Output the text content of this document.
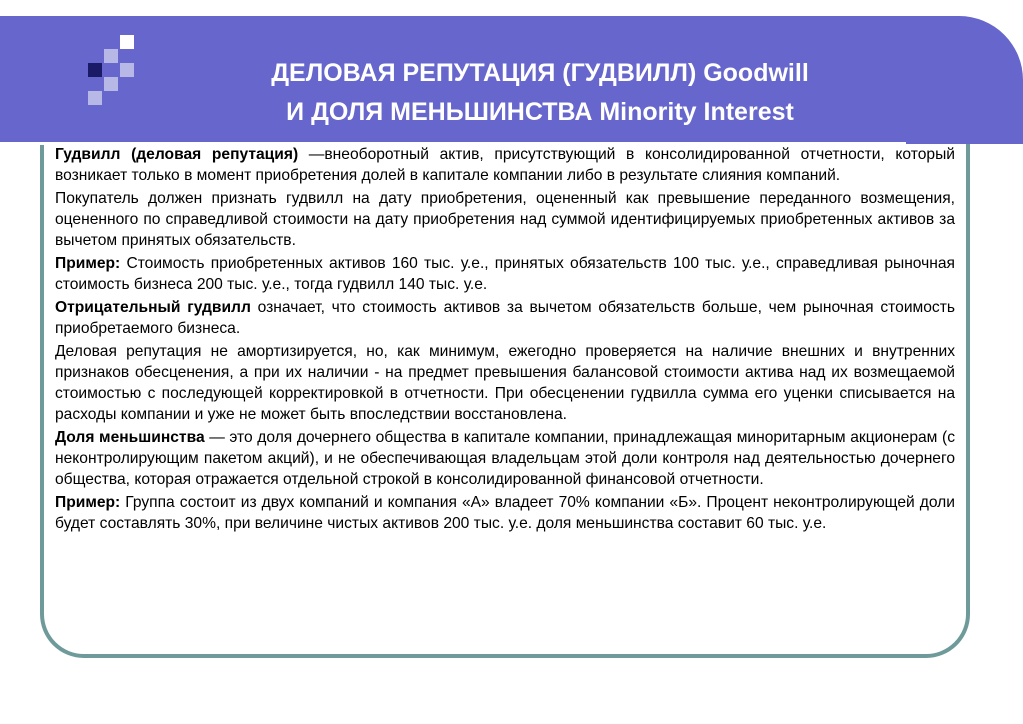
ДЕЛОВАЯ РЕПУТАЦИЯ (ГУДВИЛЛ) Goodwill
И ДОЛЯ МЕНЬШИНСТВА Minority Interest

Гудвилл (деловая репутация) —внеоборотный актив, присутствующий в консолидированной отчетности, который возникает только в момент приобретения долей в капитале компании либо в результате слияния компаний.

Покупатель должен признать гудвилл на дату приобретения, оцененный как превышение переданного возмещения, оцененного по справедливой стоимости на дату приобретения над суммой идентифицируемых приобретенных активов за вычетом принятых обязательств.

Пример: Стоимость приобретенных активов 160 тыс. у.е., принятых обязательств 100 тыс. у.е., справедливая рыночная стоимость бизнеса 200 тыс. у.е., тогда гудвилл 140 тыс. у.е.

Отрицательный гудвилл означает, что стоимость активов за вычетом обязательств больше, чем рыночная стоимость приобретаемого бизнеса.

Деловая репутация не амортизируется, но, как минимум, ежегодно проверяется на наличие внешних и внутренних признаков обесценения, а при их наличии - на предмет превышения балансовой стоимости актива над их возмещаемой стоимостью с последующей корректировкой в отчетности. При обесценении гудвилла сумма его уценки списывается на расходы компании и уже не может быть впоследствии восстановлена.

Доля меньшинства — это доля дочернего общества в капитале компании, принадлежащая миноритарным акционерам (с неконтролирующим пакетом акций), и не обеспечивающая владельцам этой доли контроля над деятельностью дочернего общества, которая отражается отдельной строкой в консолидированной финансовой отчетности.

Пример: Группа состоит из двух компаний и компания «А» владеет 70% компании «Б». Процент неконтролирующей доли будет составлять 30%, при величине чистых активов 200 тыс. у.е. доля меньшинства составит 60 тыс. у.е.
